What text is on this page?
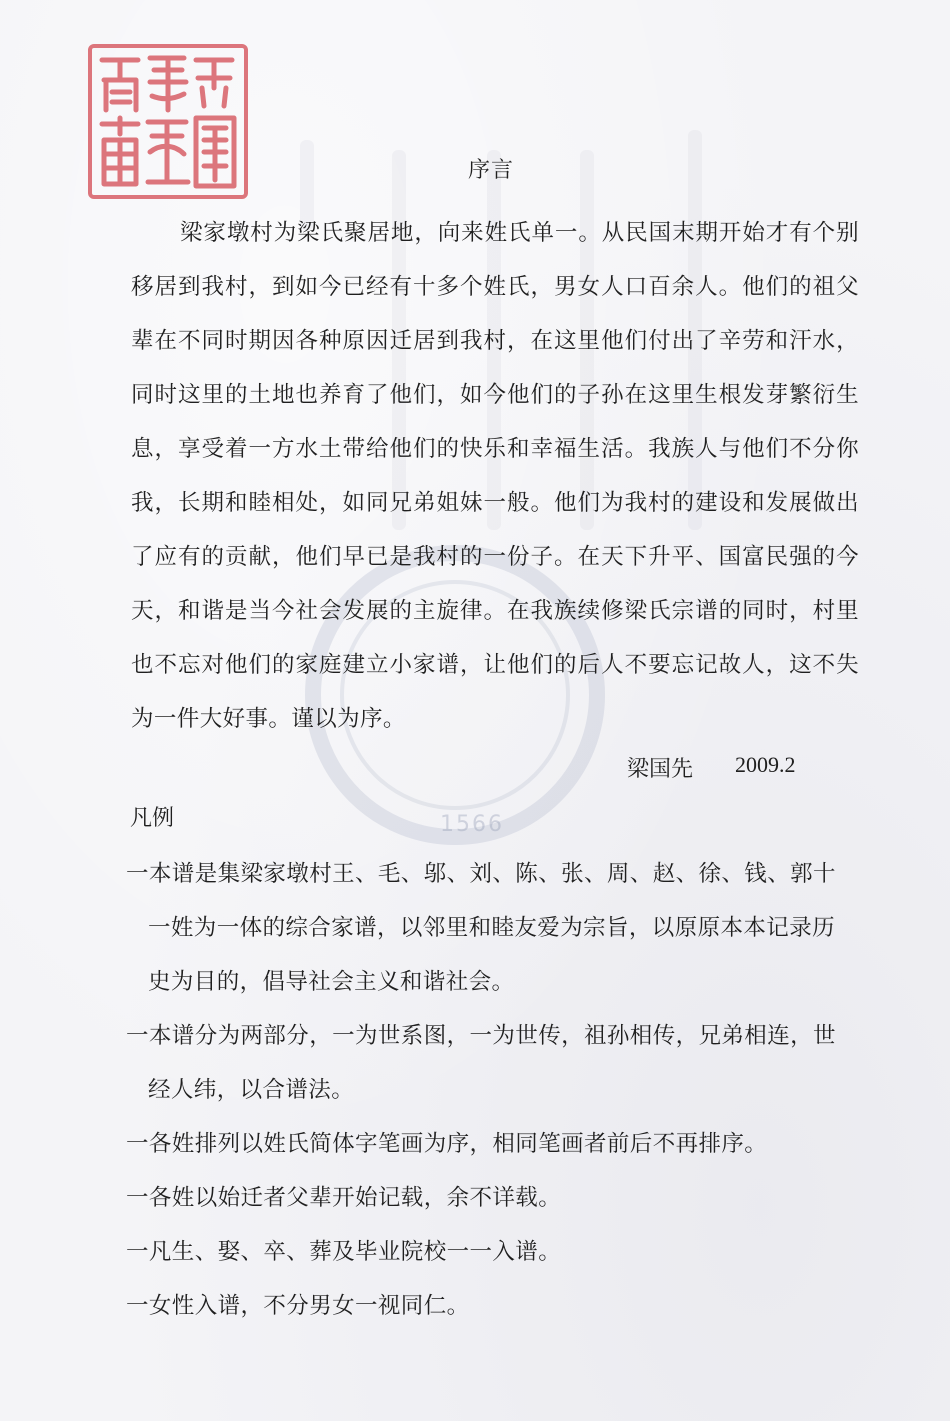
1566
序言
梁家墩村为梁氏聚居地，向来姓氏单一。从民国末期开始才有个别移居到我村，到如今已经有十多个姓氏，男女人口百余人。他们的祖父辈在不同时期因各种原因迁居到我村，在这里他们付出了辛劳和汗水，同时这里的土地也养育了他们，如今他们的子孙在这里生根发芽繁衍生息，享受着一方水土带给他们的快乐和幸福生活。我族人与他们不分你我，长期和睦相处，如同兄弟姐妹一般。他们为我村的建设和发展做出了应有的贡献，他们早已是我村的一份子。在天下升平、国富民强的今天，和谐是当今社会发展的主旋律。在我族续修梁氏宗谱的同时，村里也不忘对他们的家庭建立小家谱，让他们的后人不要忘记故人，这不失为一件大好事。谨以为序。
梁国先 2009.2
凡例
一本谱是集梁家墩村王、毛、邬、刘、陈、张、周、赵、徐、钱、郭十一姓为一体的综合家谱，以邻里和睦友爱为宗旨，以原原本本记录历史为目的，倡导社会主义和谐社会。
一本谱分为两部分，一为世系图，一为世传，祖孙相传，兄弟相连，世经人纬，以合谱法。
一各姓排列以姓氏简体字笔画为序，相同笔画者前后不再排序。
一各姓以始迁者父辈开始记载，余不详载。
一凡生、娶、卒、葬及毕业院校一一入谱。
一女性入谱，不分男女一视同仁。
